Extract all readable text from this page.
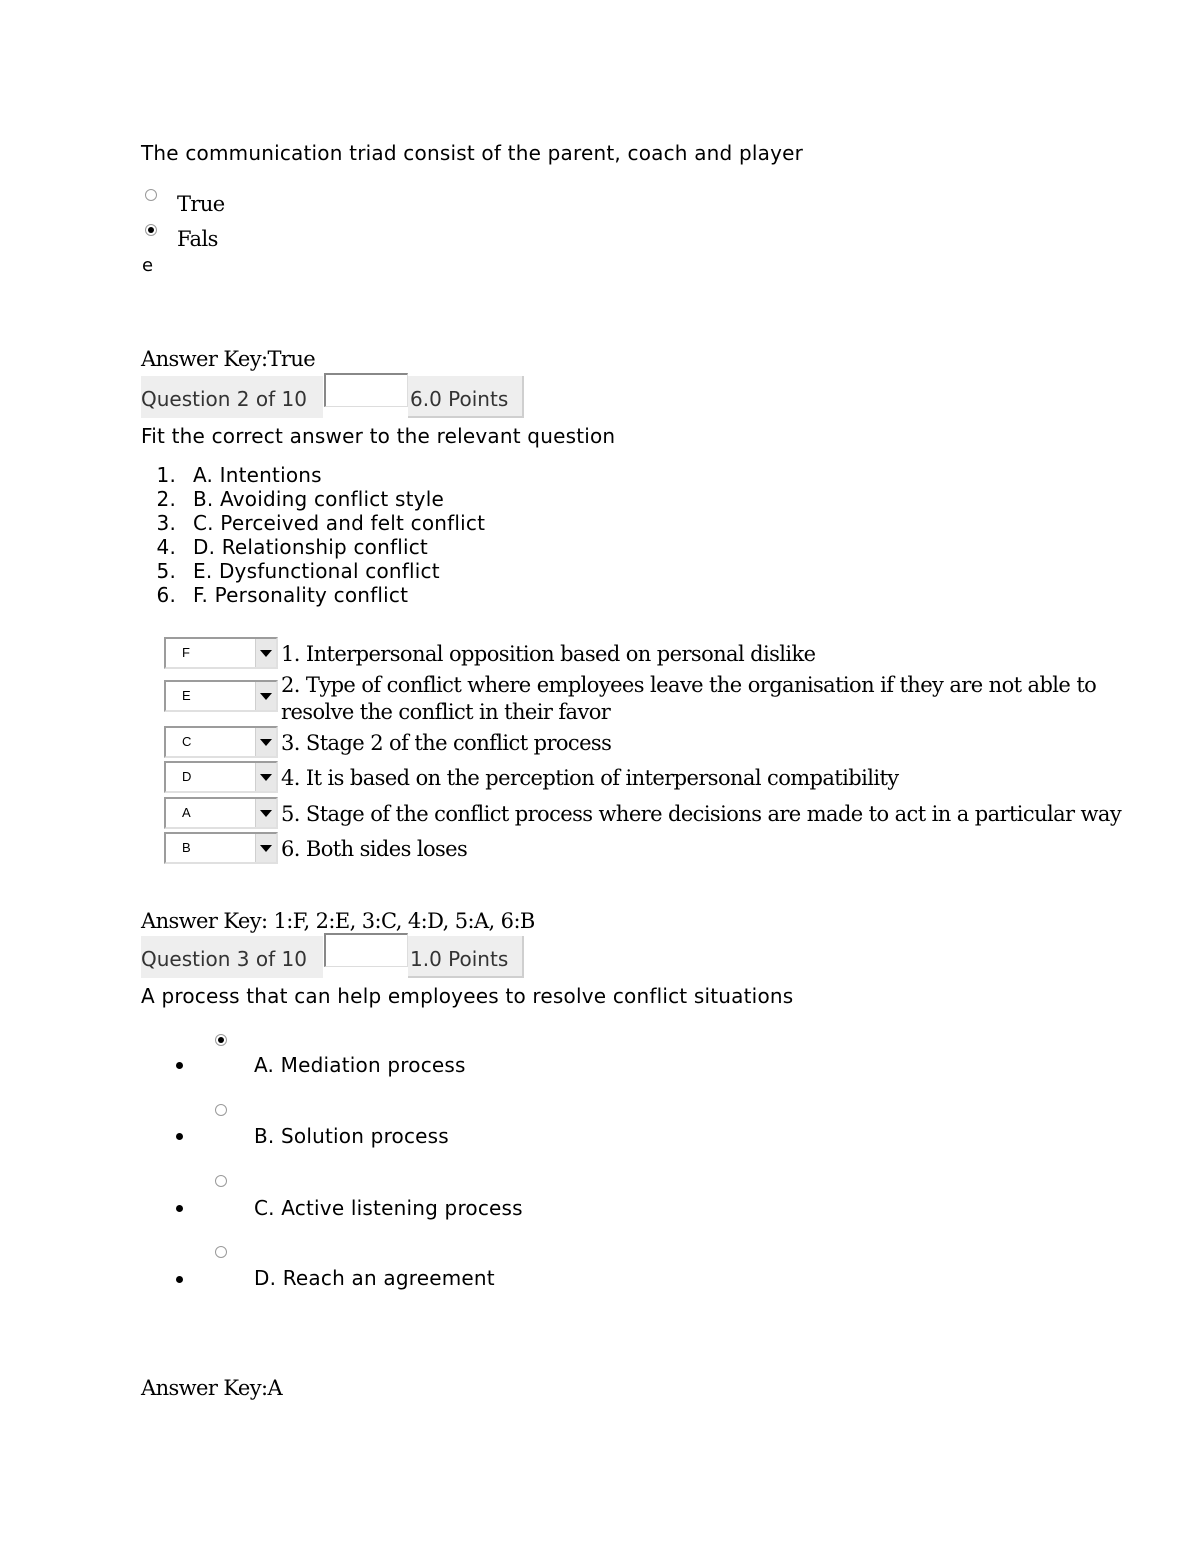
The communication triad consist of the parent, coach and player
True
Fals
e
Answer Key:True
Question 2 of 10	6.0 Points
Fit the correct answer to the relevant question
1. A. Intentions
2. B. Avoiding conflict style
3. C. Perceived and felt conflict
4. D. Relationship conflict
5. E. Dysfunctional conflict
6. F. Personality conflict
F	1. Interpersonal opposition based on personal dislike
E	2. Type of conflict where employees leave the organisation if they are not able to
resolve the conflict in their favor
C	3. Stage 2 of the conflict process
D	4. It is based on the perception of interpersonal compatibility
A	5. Stage of the conflict process where decisions are made to act in a particular way
B	6. Both sides loses
Answer Key: 1:F, 2:E, 3:C, 4:D, 5:A, 6:B
Question 3 of 10	1.0 Points
A process that can help employees to resolve conflict situations
A. Mediation process
B. Solution process
C. Active listening process
D. Reach an agreement
Answer Key:A
